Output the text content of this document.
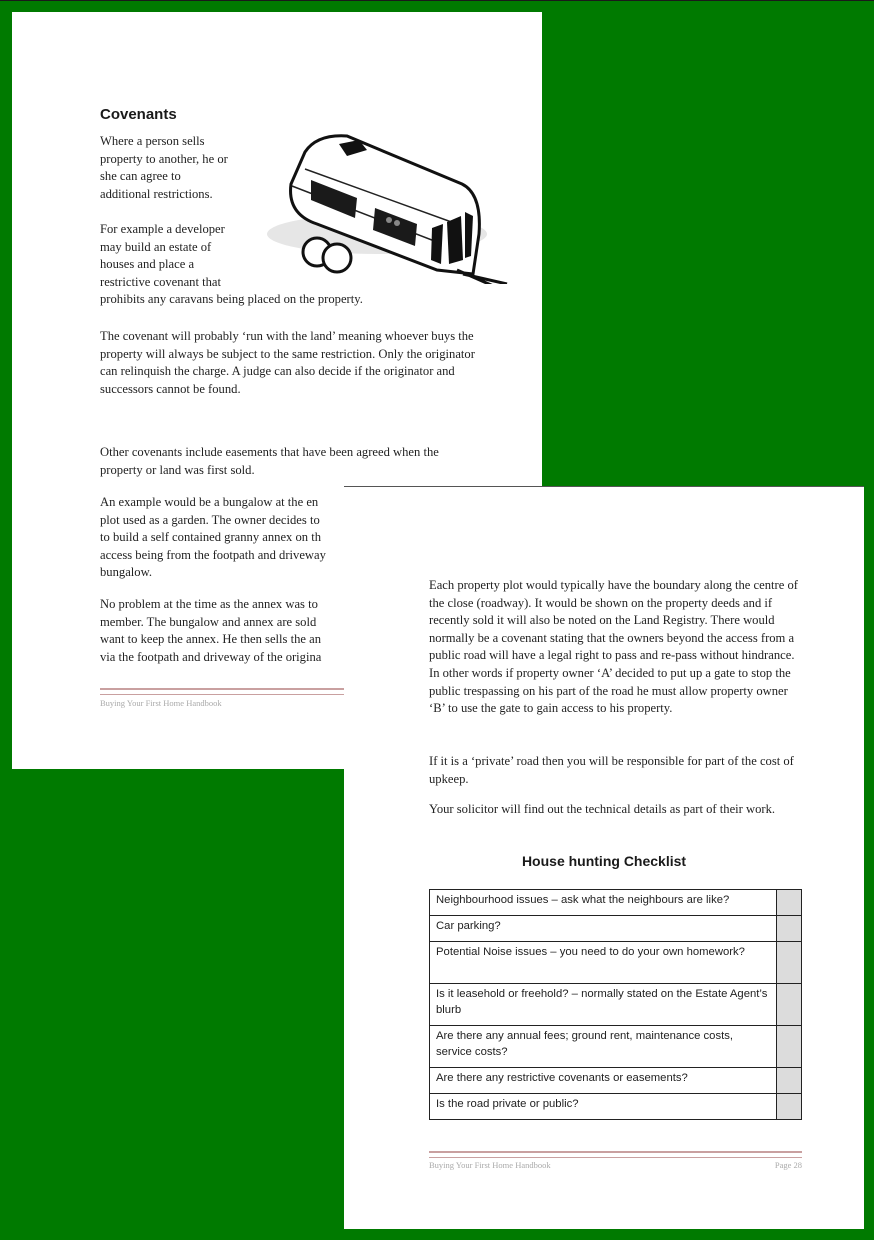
Covenants
Where a person sells
property to another, he or
she can agree to
additional restrictions.
For example a developer
may build an estate of
houses and place a
restrictive covenant that
prohibits any caravans being placed on the property.

The covenant will probably ‘run with the land’ meaning whoever buys the property will always be subject to the same restriction. Only the originator can relinquish the charge. A judge can also decide if the originator and successors cannot be found.

Other covenants include easements that have been agreed when the property or land was first sold.

An example would be a bungalow at the en
plot used as a garden. The owner decides to
to build a self contained granny annex on th
access being from the footpath and driveway
bungalow.
No problem at the time as the annex was to
member. The bungalow and annex are sold
want to keep the annex. He then sells the an
via the footpath and driveway of the origina
Buying Your First Home Handbook

Each property plot would typically have the boundary along the centre of the close (roadway). It would be shown on the property deeds and if recently sold it will also be noted on the Land Registry. There would normally be a covenant stating that the owners beyond the access from a public road will have a legal right to pass and re-pass without hindrance. In other words if property owner ‘A’ decided to put up a gate to stop the public trespassing on his part of the road he must allow property owner ‘B’ to use the gate to gain access to his property.

If it is a ‘private’ road then you will be responsible for part of the cost of upkeep.

Your solicitor will find out the technical details as part of their work.

House hunting Checklist
Neighbourhood issues – ask what the neighbours are like?	
Car parking?	
Potential Noise issues – you need to do your own homework?	
Is it leasehold or freehold? – normally stated on the Estate Agent’s blurb	
Are there any annual fees; ground rent, maintenance costs, service costs?	
Are there any restrictive covenants or easements?	
Is the road private or public?	
Buying Your First Home Handbook	Page 28
